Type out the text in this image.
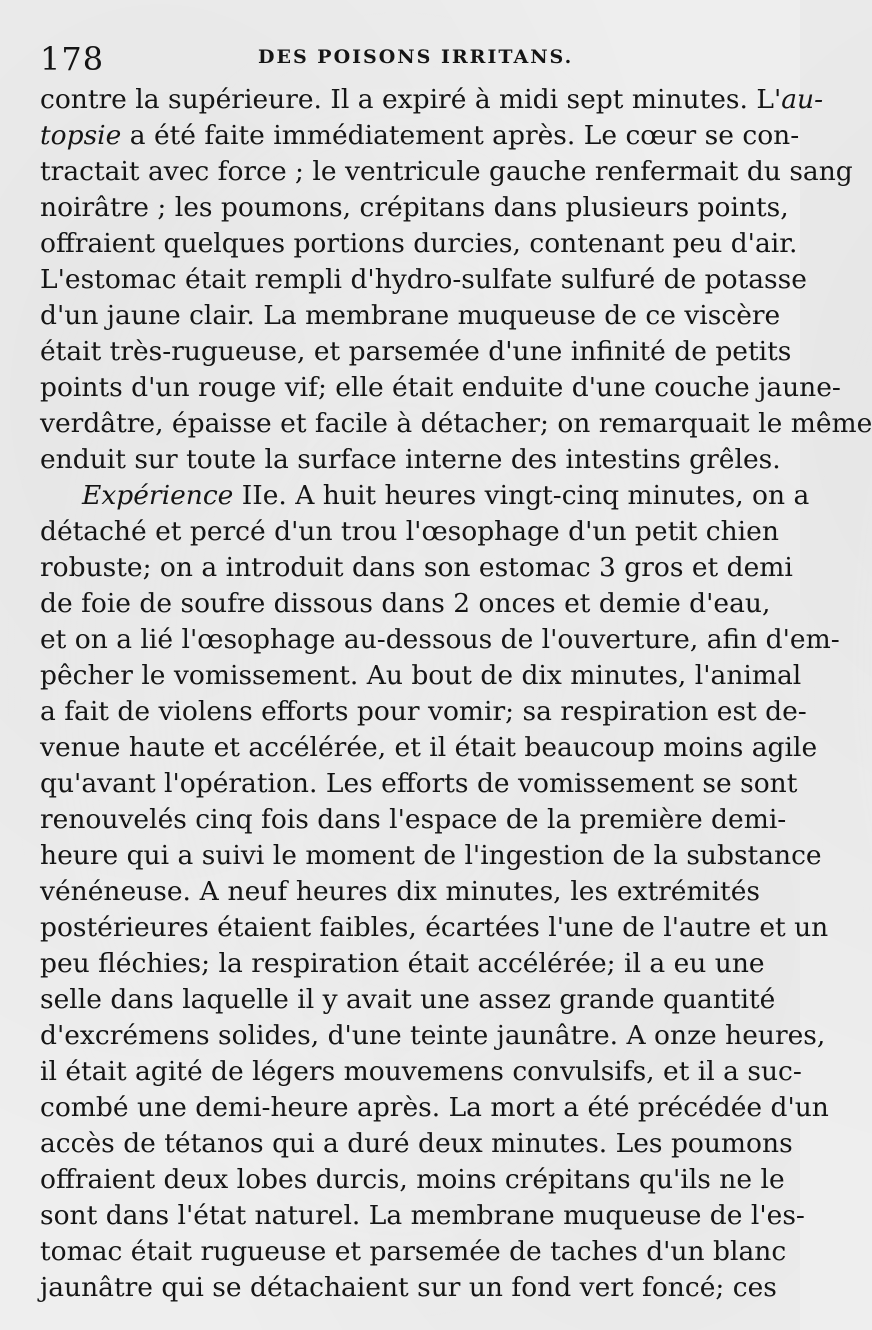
178	DES POISONS IRRITANS.
contre la supérieure. Il a expiré à midi sept minutes. L'au-
topsie a été faite immédiatement après. Le cœur se con-
tractait avec force ; le ventricule gauche renfermait du sang
noirâtre ; les poumons, crépitans dans plusieurs points,
offraient quelques portions durcies, contenant peu d'air.
L'estomac était rempli d'hydro-sulfate sulfuré de potasse
d'un jaune clair. La membrane muqueuse de ce viscère
était très-rugueuse, et parsemée d'une infinité de petits
points d'un rouge vif; elle était enduite d'une couche jaune-
verdâtre, épaisse et facile à détacher; on remarquait le même
enduit sur toute la surface interne des intestins grêles.
Expérience IIe. A huit heures vingt-cinq minutes, on a
détaché et percé d'un trou l'œsophage d'un petit chien
robuste; on a introduit dans son estomac 3 gros et demi
de foie de soufre dissous dans 2 onces et demie d'eau,
et on a lié l'œsophage au-dessous de l'ouverture, afin d'em-
pêcher le vomissement. Au bout de dix minutes, l'animal
a fait de violens efforts pour vomir; sa respiration est de-
venue haute et accélérée, et il était beaucoup moins agile
qu'avant l'opération. Les efforts de vomissement se sont
renouvelés cinq fois dans l'espace de la première demi-
heure qui a suivi le moment de l'ingestion de la substance
vénéneuse. A neuf heures dix minutes, les extrémités
postérieures étaient faibles, écartées l'une de l'autre et un
peu fléchies; la respiration était accélérée; il a eu une
selle dans laquelle il y avait une assez grande quantité
d'excrémens solides, d'une teinte jaunâtre. A onze heures,
il était agité de légers mouvemens convulsifs, et il a suc-
combé une demi-heure après. La mort a été précédée d'un
accès de tétanos qui a duré deux minutes. Les poumons
offraient deux lobes durcis, moins crépitans qu'ils ne le
sont dans l'état naturel. La membrane muqueuse de l'es-
tomac était rugueuse et parsemée de taches d'un blanc
jaunâtre qui se détachaient sur un fond vert foncé; ces
